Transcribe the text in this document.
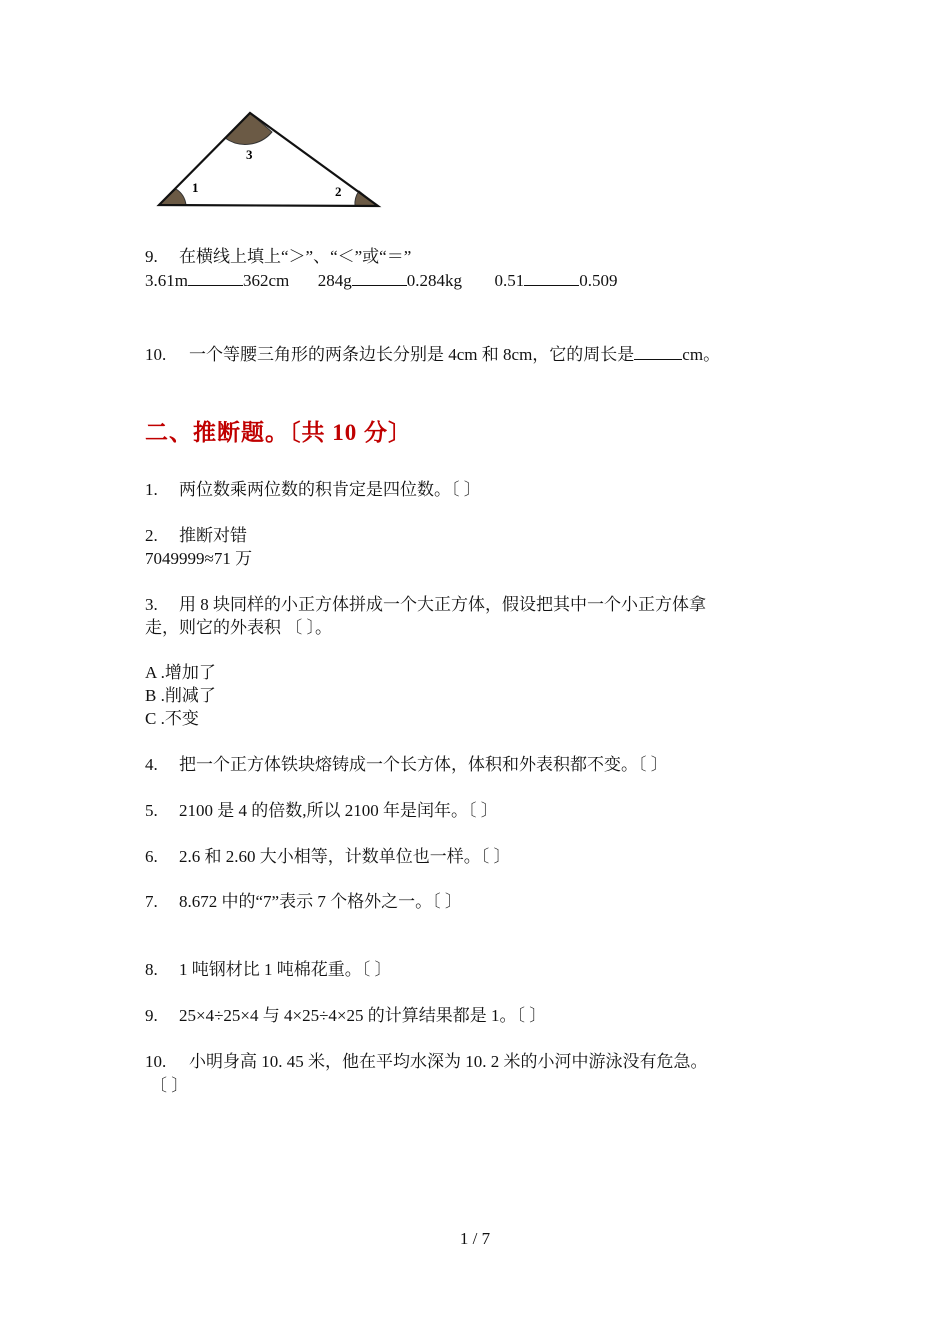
3
1	2
9. 在横线上填上“＞”、“＜”或“＝”
3.61m	362cm 284g	0.284kg 0.51	0.509
10. 一个等腰三角形的两条边长分别是 4cm 和 8cm，它的周长是	cm。
二、推断题。〔共 10 分〕
1. 两位数乘两位数的积肯定是四位数。〔 〕
2. 推断对错
7049999≈71 万
3. 用 8 块同样的小正方体拼成一个大正方体，假设把其中一个小正方体拿
走，则它的外表积 〔 〕。
A .增加了
B .削减了
C .不变
4. 把一个正方体铁块熔铸成一个长方体，体积和外表积都不变。〔 〕
5. 2100 是 4 的倍数,所以 2100 年是闰年。〔 〕
6. 2.6 和 2.60 大小相等，计数单位也一样。〔 〕
7. 8.672 中的“7”表示 7 个格外之一。〔 〕
8. 1 吨钢材比 1 吨棉花重。〔 〕
9. 25×4÷25×4 与 4×25÷4×25 的计算结果都是 1。〔 〕
10. 小明身高 10. 45 米，他在平均水深为 10. 2 米的小河中游泳没有危急。
〔 〕
1 / 7
